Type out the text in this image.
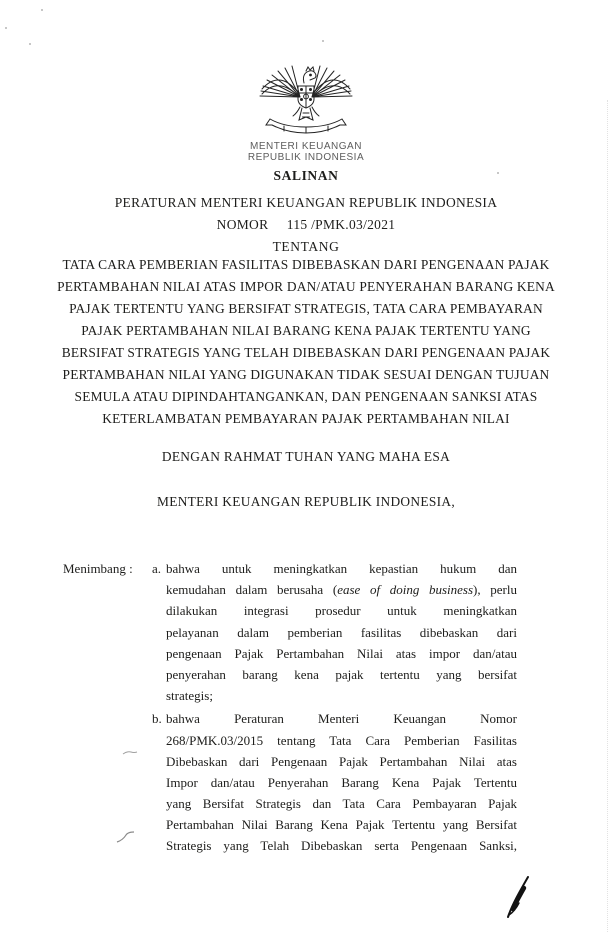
MENTERI KEUANGAN
REPUBLIK INDONESIA
SALINAN
PERATURAN MENTERI KEUANGAN REPUBLIK INDONESIA
NOMOR     115 /PMK.03/2021
TENTANG
TATA CARA PEMBERIAN FASILITAS DIBEBASKAN DARI PENGENAAN PAJAK
PERTAMBAHAN NILAI ATAS IMPOR DAN/ATAU PENYERAHAN BARANG KENA
PAJAK TERTENTU YANG BERSIFAT STRATEGIS, TATA CARA PEMBAYARAN
PAJAK PERTAMBAHAN NILAI BARANG KENA PAJAK TERTENTU YANG
BERSIFAT STRATEGIS YANG TELAH DIBEBASKAN DARI PENGENAAN PAJAK
PERTAMBAHAN NILAI YANG DIGUNAKAN TIDAK SESUAI DENGAN TUJUAN
SEMULA ATAU DIPINDAHTANGANKAN, DAN PENGENAAN SANKSI ATAS
KETERLAMBATAN PEMBAYARAN PAJAK PERTAMBAHAN NILAI
DENGAN RAHMAT TUHAN YANG MAHA ESA
MENTERI KEUANGAN REPUBLIK INDONESIA,
Menimbang :	a. bahwa untuk meningkatkan kepastian hukum dan
kemudahan dalam berusaha (ease of doing business), perlu
dilakukan integrasi prosedur untuk meningkatkan
pelayanan dalam pemberian fasilitas dibebaskan dari
pengenaan Pajak Pertambahan Nilai atas impor dan/atau
penyerahan barang kena pajak tertentu yang bersifat
strategis;
b. bahwa Peraturan Menteri Keuangan Nomor
268/PMK.03/2015 tentang Tata Cara Pemberian Fasilitas
Dibebaskan dari Pengenaan Pajak Pertambahan Nilai atas
Impor dan/atau Penyerahan Barang Kena Pajak Tertentu
yang Bersifat Strategis dan Tata Cara Pembayaran Pajak
Pertambahan Nilai Barang Kena Pajak Tertentu yang Bersifat
Strategis yang Telah Dibebaskan serta Pengenaan Sanksi,
